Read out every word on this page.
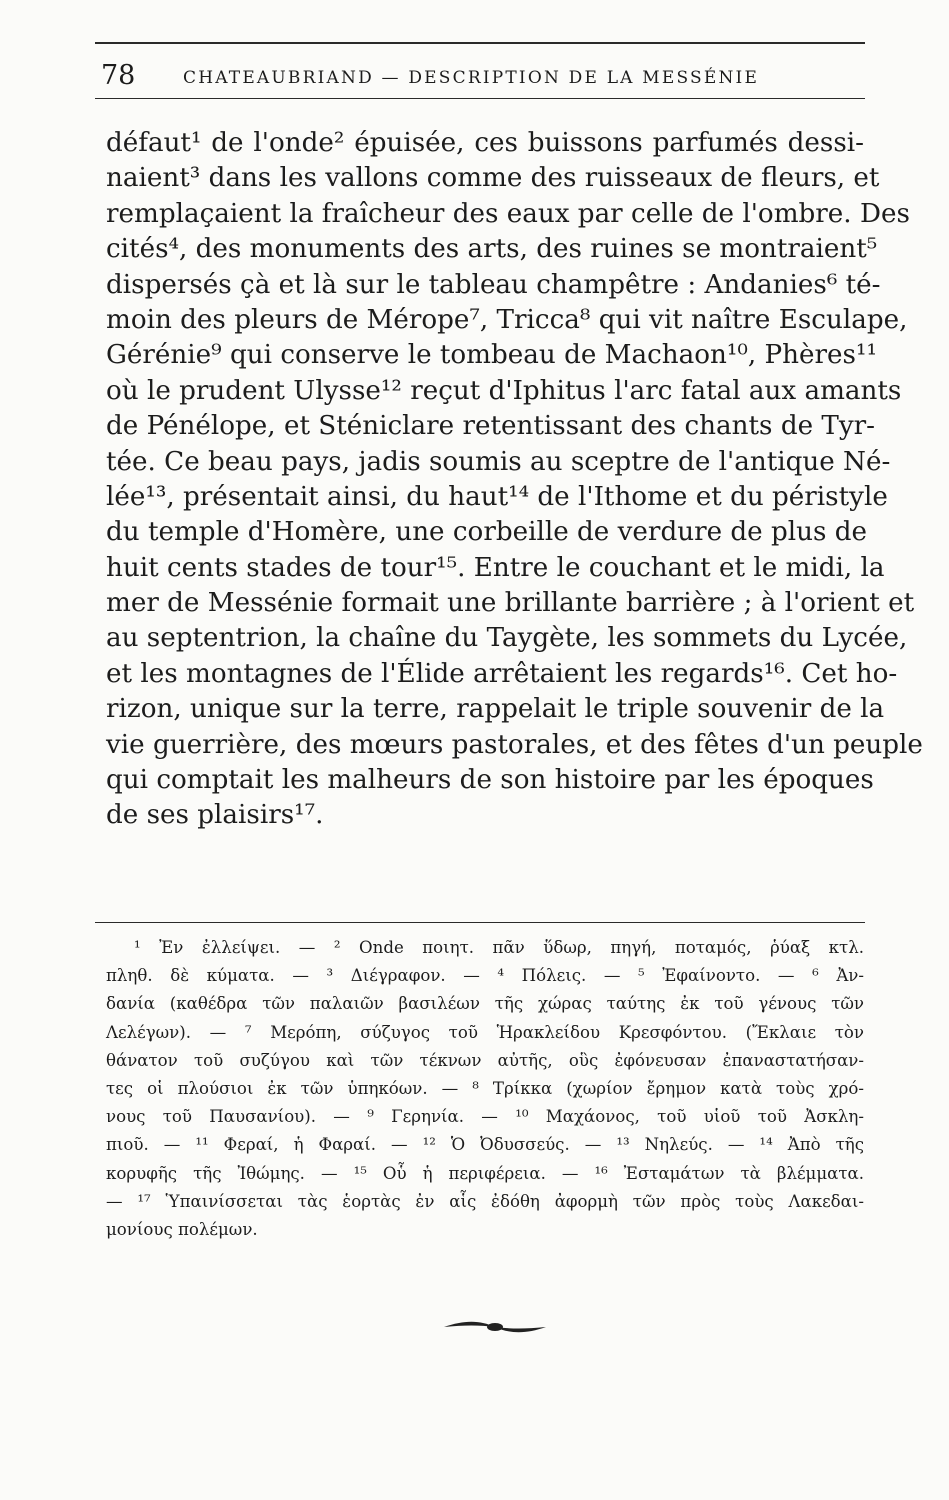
78	CHATEAUBRIAND — DESCRIPTION DE LA MESSÉNIE
défaut¹ de l'onde² épuisée, ces buissons parfumés dessi-
naient³ dans les vallons comme des ruisseaux de fleurs, et
remplaçaient la fraîcheur des eaux par celle de l'ombre. Des
cités⁴, des monuments des arts, des ruines se montraient⁵
dispersés çà et là sur le tableau champêtre : Andanies⁶ té-
moin des pleurs de Mérope⁷, Tricca⁸ qui vit naître Esculape,
Gérénie⁹ qui conserve le tombeau de Machaon¹⁰, Phères¹¹
où le prudent Ulysse¹² reçut d'Iphitus l'arc fatal aux amants
de Pénélope, et Sténiclare retentissant des chants de Tyr-
tée. Ce beau pays, jadis soumis au sceptre de l'antique Né-
lée¹³, présentait ainsi, du haut¹⁴ de l'Ithome et du péristyle
du temple d'Homère, une corbeille de verdure de plus de
huit cents stades de tour¹⁵. Entre le couchant et le midi, la
mer de Messénie formait une brillante barrière ; à l'orient et
au septentrion, la chaîne du Taygète, les sommets du Lycée,
et les montagnes de l'Élide arrêtaient les regards¹⁶. Cet ho-
rizon, unique sur la terre, rappelait le triple souvenir de la
vie guerrière, des mœurs pastorales, et des fêtes d'un peuple
qui comptait les malheurs de son histoire par les époques
de ses plaisirs¹⁷.
¹ Ἐν ἐλλείψει. — ² Onde ποιητ. πᾶν ὕδωρ, πηγή, ποταμός, ῥύαξ κτλ.
πληθ. δὲ κύματα. — ³ Διέγραφον. — ⁴ Πόλεις. — ⁵ Ἐφαίνοντο. — ⁶ Ἀν-
δανία (καθέδρα τῶν παλαιῶν βασιλέων τῆς χώρας ταύτης ἐκ τοῦ γένους τῶν
Λελέγων). — ⁷ Μερόπη, σύζυγος τοῦ Ἡρακλείδου Κρεσφόντου. (Ἔκλαιε τὸν
θάνατον τοῦ συζύγου καὶ τῶν τέκνων αὐτῆς, οὓς ἐφόνευσαν ἐπαναστατήσαν-
τες οἱ πλούσιοι ἐκ τῶν ὑπηκόων. — ⁸ Τρίκκα (χωρίον ἔρημον κατὰ τοὺς χρό-
νους τοῦ Παυσανίου). — ⁹ Γερηνία. — ¹⁰ Μαχάονος, τοῦ υἱοῦ τοῦ Ἀσκλη-
πιοῦ. — ¹¹ Φεραί, ἡ Φαραί. — ¹² Ὁ Ὀδυσσεύς. — ¹³ Νηλεύς. — ¹⁴ Ἀπὸ τῆς
κορυφῆς τῆς Ἰθώμης. — ¹⁵ Οὗ ἡ περιφέρεια. — ¹⁶ Ἐσταμάτων τὰ βλέμματα.
— ¹⁷ Ὑπαινίσσεται τὰς ἑορτὰς ἐν αἷς ἐδόθη ἀφορμὴ τῶν πρὸς τοὺς Λακεδαι-
μονίους πολέμων.
